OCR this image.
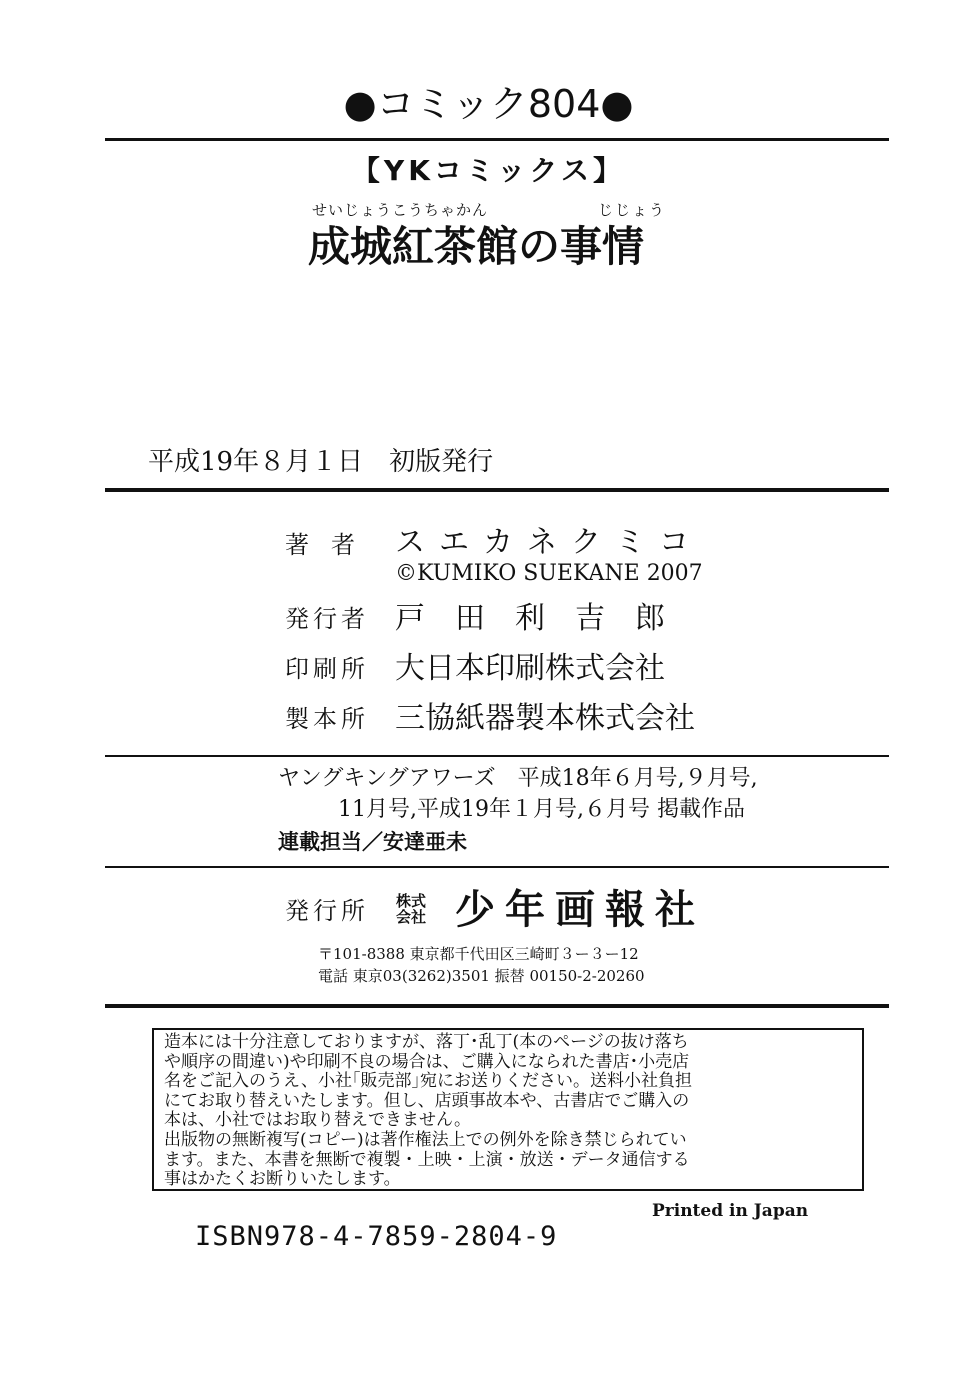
●コミック804●
【YKコミックス】
せいじょうこうちゃかん	じじょう
成城紅茶館の事情
平成19年８月１日　初版発行
著者 スエカネクミコ
©KUMIKO SUEKANE 2007
発行者 戸田利吉郎
印刷所 大日本印刷株式会社
製本所 三協紙器製本株式会社
ヤングキングアワーズ　平成18年６月号,９月号,
11月号,平成19年１月号,６月号 掲載作品
連載担当／安達亜未
発行所 株式
会社 少年画報社
〒101-8388 東京都千代田区三崎町３ー３ー12
電話 東京03(3262)3501 振替 00150-2-20260
造本には十分注意しておりますが、落丁･乱丁(本のページの抜け落ち
や順序の間違い)や印刷不良の場合は、ご購入になられた書店･小売店
名をご記入のうえ、小社｢販売部｣宛にお送りください。送料小社負担
にてお取り替えいたします。但し、店頭事故本や、古書店でご購入の
本は、小社ではお取り替えできません。
出版物の無断複写(コピー)は著作権法上での例外を除き禁じられてい
ます。また、本書を無断で複製・上映・上演・放送・データ通信する
事はかたくお断りいたします。
Printed in Japan
ISBN978-4-7859-2804-9
